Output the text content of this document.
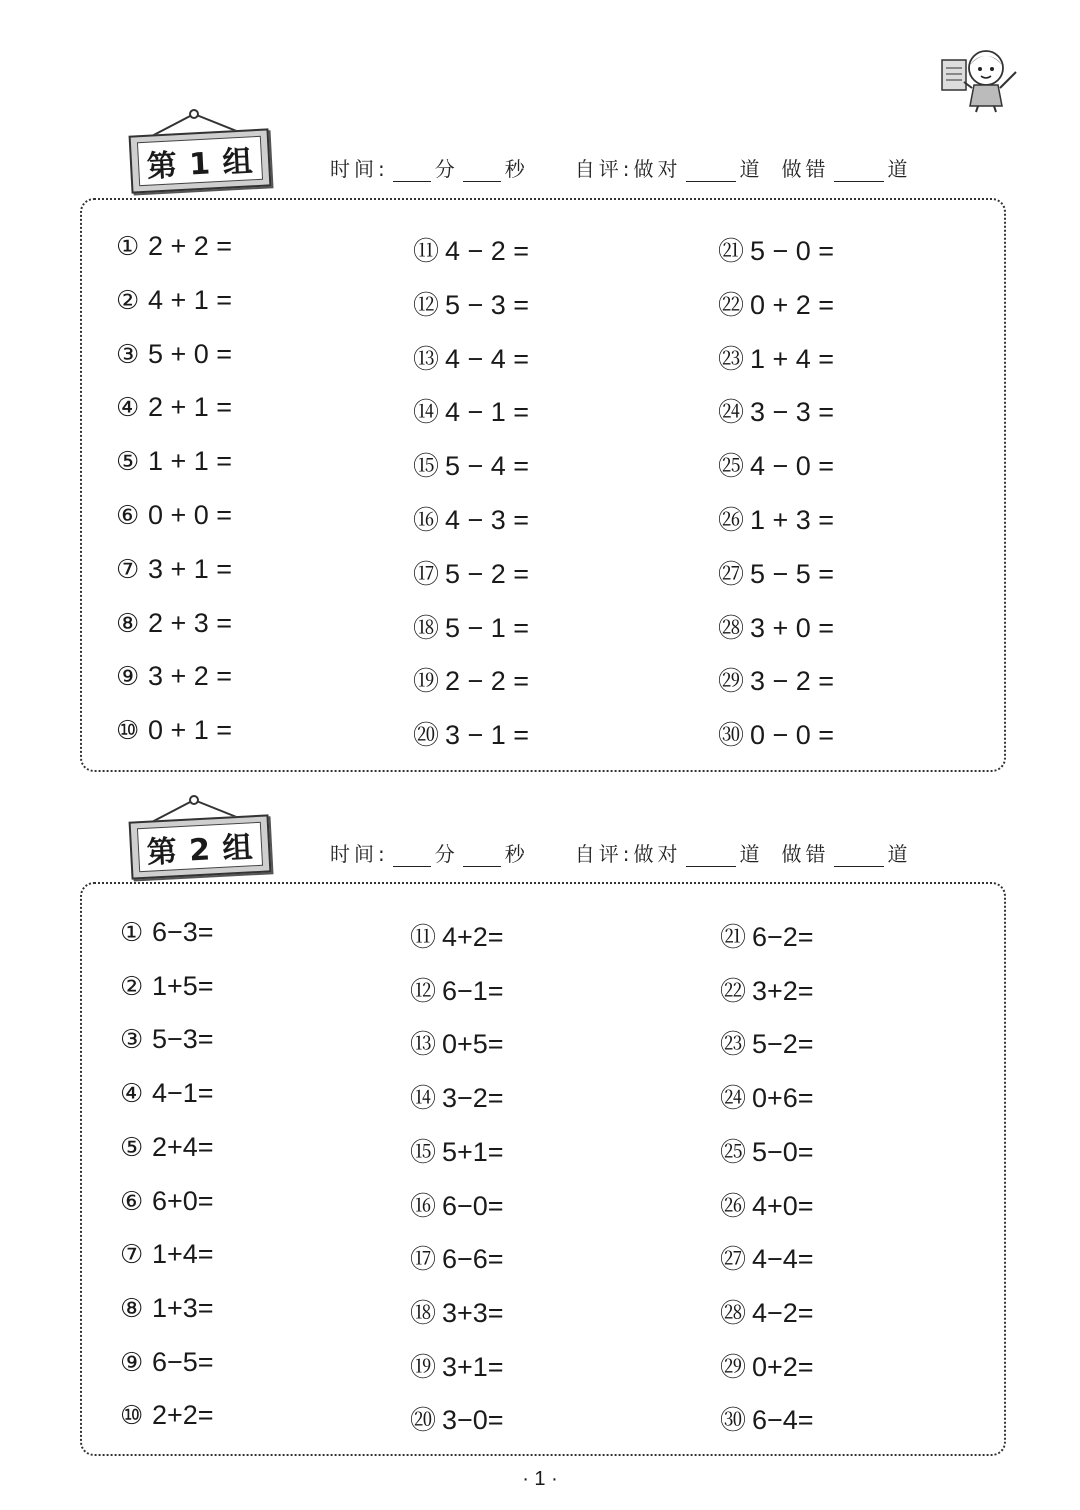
第 1 组	时间: 分 秒 自评:做对	道 做错	道
① 2 + 2 =
② 4 + 1 =
③ 5 + 0 =
④ 2 + 1 =
⑤ 1 + 1 =
⑥ 0 + 0 =
⑦ 3 + 1 =
⑧ 2 + 3 =
⑨ 3 + 2 =
⑩ 0 + 1 =
⑪ 4 − 2 =
⑫ 5 − 3 =
⑬ 4 − 4 =
⑭ 4 − 1 =
⑮ 5 − 4 =
⑯ 4 − 3 =
⑰ 5 − 2 =
⑱ 5 − 1 =
⑲ 2 − 2 =
⑳ 3 − 1 =
㉑ 5 − 0 =
㉒ 0 + 2 =
㉓ 1 + 4 =
㉔ 3 − 3 =
㉕ 4 − 0 =
㉖ 1 + 3 =
㉗ 5 − 5 =
㉘ 3 + 0 =
㉙ 3 − 2 =
㉚ 0 − 0 =
第 2 组	时间: 分 秒 自评:做对	道 做错	道
① 6−3=
② 1+5=
③ 5−3=
④ 4−1=
⑤ 2+4=
⑥ 6+0=
⑦ 1+4=
⑧ 1+3=
⑨ 6−5=
⑩ 2+2=
⑪ 4+2=
⑫ 6−1=
⑬ 0+5=
⑭ 3−2=
⑮ 5+1=
⑯ 6−0=
⑰ 6−6=
⑱ 3+3=
⑲ 3+1=
⑳ 3−0=
㉑ 6−2=
㉒ 3+2=
㉓ 5−2=
㉔ 0+6=
㉕ 5−0=
㉖ 4+0=
㉗ 4−4=
㉘ 4−2=
㉙ 0+2=
㉚ 6−4=
· 1 ·
